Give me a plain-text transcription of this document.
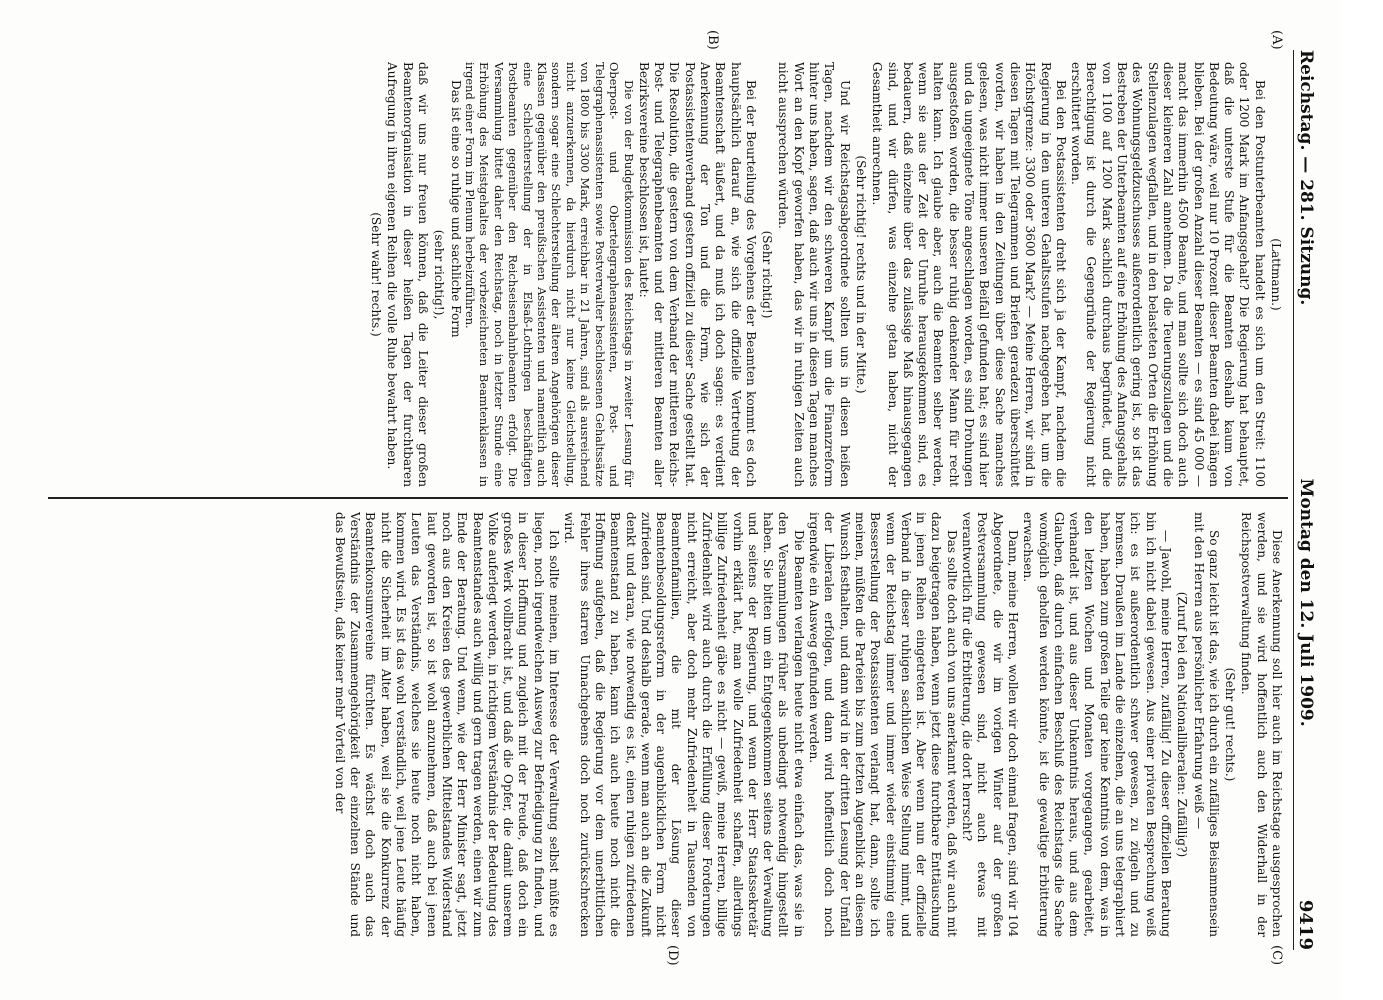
Reichstag. — 281. Sitzung.
Montag den 12. Juli 1909.
9419
(A)
(B)
(C)
(D)

(Lattmann.)

Bei den Postunterbeamten handelt es sich um den Streit: 1100 oder 1200 Mark im Anfangsgehalt? Die Regierung hat behauptet, daß die unterste Stufe für die Beamten deshalb kaum von Bedeutung wäre, weil nur 10 Prozent dieser Beamten dabei hängen blieben. Bei der großen Anzahl dieser Beamten — es sind 45 000 — macht das immerhin 4500 Beamte, und man sollte sich doch auch dieser kleineren Zahl annehmen. Da die Teuerungszulagen und die Stellenzulagen wegfallen, und in den belasteten Orten die Erhöhung des Wohnungsgeldzuschusses außerordentlich gering ist, so ist das Bestreben der Unterbeamten auf eine Erhöhung des Anfangsgehalts von 1100 auf 1200 Mark sachlich durchaus begründet, und die Berechtigung ist durch die Gegengründe der Regierung nicht erschüttert worden.

Bei den Postassistenten dreht sich ja der Kampf, nachdem die Regierung in den unteren Gehaltsstufen nachgegeben hat, um die Höchstgrenze: 3300 oder 3600 Mark? — Meine Herren, wir sind in diesen Tagen mit Telegrammen und Briefen geradezu überschüttet worden, wir haben in den Zeitungen über diese Sache manches gelesen, was nicht immer unseren Beifall gefunden hat; es sind hier und da ungeeignete Töne angeschlagen worden, es sind Drohungen ausgestoßen worden, die besser ruhig denkender Mann für recht halten kann. Ich glaube aber, auch die Beamten selber werden, wenn sie aus der Zeit der Unruhe herausgekommen sind, es bedauern, daß einzelne über das zulässige Maß hinausgegangen sind, und wir dürfen, was einzelne getan haben, nicht der Gesamtheit anrechnen.

(Sehr richtig! rechts und in der Mitte.)

Und wir Reichstagsabgeordnete sollten uns in diesen heißen Tagen, nachdem wir den schweren Kampf um die Finanzreform hinter uns haben, sagen, daß auch wir uns in diesen Tagen manches Wort an den Kopf geworfen haben, das wir in ruhigen Zeiten auch nicht aussprechen würden.

(Sehr richtig!)

Bei der Beurteilung des Vorgehens der Beamten kommt es doch hauptsächlich darauf an, wie sich die offizielle Vertretung der Beamtenschaft äußert, und da muß ich doch sagen: es verdient Anerkennung der Ton und die Form, wie sich der Postassistentenverband gestern offiziell zu dieser Sache gestellt hat. Die Resolution, die gestern von dem Verband der mittleren Reichs-Post- und Telegraphenbeamten und der mittleren Beamten aller Bezirksvereine beschlossen ist, lautet:

Die von der Budgetkommission des Reichstags in zweiter Lesung für Oberpost- und Obertelegraphenassistenten, Post- und Telegraphenassistenten sowie Postverwalter beschlossenen Gehaltssätze von 1800 bis 3300 Mark, erreichbar in 21 Jahren, sind als ausreichend nicht anzuerkennen, da hierdurch nicht nur keine Gleichstellung, sondern sogar eine Schlechterstellung der älteren Angehörigen dieser Klassen gegenüber den preußischen Assistenten und namentlich auch eine Schlechterstellung der in Elsaß-Lothringen beschäftigten Postbeamten gegenüber den Reichseisenbahnbeamten erfolgt. Die Versammlung bittet daher den Reichstag, noch in letzter Stunde eine Erhöhung des Meistgehaltes der vorbezeichneten Beamtenklassen in irgend einer Form im Plenum herbeizuführen.

Das ist eine so ruhige und sachliche Form

(sehr richtig!),

daß wir uns nur freuen können, daß die Leiter dieser großen Beamtenorganisation in dieser heißen Tagen der furchtbaren Aufregung in ihren eigenen Reihen die volle Ruhe bewahrt haben.

(Sehr wahr! rechts.)

Diese Anerkennung soll hier auch im Reichstage ausgesprochen werden, und sie wird hoffentlich auch den Widerhall in der Reichspostverwaltung finden.

(Sehr gut! rechts.)

So ganz leicht ist das, wie ich durch ein zufälliges Beisammensein mit den Herren aus persönlicher Erfahrung weiß —

(Zuruf bei den Nationalliberalen: Zufällig?)

— Jawohl, meine Herren, zufällig! Zu dieser offiziellen Beratung bin ich nicht dabei gewesen. Aus einer privaten Besprechung weiß ich: es ist außerordentlich schwer gewesen, zu zügeln und zu bremsen. Draußen im Lande die einzelnen, die an uns telegraphiert haben, haben zum großen Teile gar keine Kenntnis von dem, was in den letzten Wochen und Monaten vorgegangen, gearbeitet, verhandelt ist, und aus dieser Unkenntnis heraus, und aus dem Glauben, daß durch einfachen Beschluß des Reichstags die Sache womöglich geholfen werden könnte, ist die gewaltige Erbitterung erwachsen.

Dann, meine Herren, wollen wir doch einmal fragen, sind wir 104 Abgeordnete, die wir im vorigen Winter auf der großen Postversammlung gewesen sind, nicht auch etwas mit verantwortlich für die Erbitterung, die dort herrscht?

Das sollte doch auch von uns anerkannt werden, daß wir auch mit dazu beigetragen haben, wenn jetzt diese furchtbare Enttäuschung in jenen Reihen eingetreten ist. Aber wenn nun der offizielle Verband in dieser ruhigen sachlichen Weise Stellung nimmt, und wenn der Reichstag immer und immer wieder einstimmig eine Besserstellung der Postassistenten verlangt hat, dann, sollte ich meinen, müßten die Parteien bis zum letzten Augenblick an diesem Wunsch festhalten, und dann wird in der dritten Lesung der Umfall der Liberalen erfolgen, und dann wird hoffentlich doch noch irgendwie ein Ausweg gefunden werden.

Die Beamten verlangen heute nicht etwa einfach das, was sie in den Versammlungen früher als unbedingt notwendig hingestellt haben. Sie bitten um ein Entgegenkommen seitens der Verwaltung und seitens der Regierung, und wenn der Herr Staatssekretär vorhin erklärt hat, man wolle Zufriedenheit schaffen, allerdings billige Zufriedenheit gäbe es nicht — gewiß, meine Herren, billige Zufriedenheit wird auch durch die Erfüllung dieser Forderungen nicht erreicht, aber doch mehr Zufriedenheit in Tausenden von Beamtenfamilien, die mit der Lösung dieser Beamtenbesoldungsreform in der augenblicklichen Form nicht zufrieden sind. Und deshalb gerade, wenn man auch an die Zukunft denkt und daran, wie notwendig es ist, einen ruhigen zufriedenen Beamtenstand zu haben, kann ich auch heute noch nicht die Hoffnung aufgeben, daß die Regierung vor dem unerbittlichen Fehler ihres starren Unnachgebens doch noch zurückschrecken wird.

Ich sollte meinen, im Interesse der Verwaltung selbst müßte es liegen, noch irgendwelchen Ausweg zur Befriedigung zu finden, und in dieser Hoffnung und zugleich mit der Freude, daß doch ein großes Werk vollbracht ist, und daß die Opfer, die damit unserem Volke auferlegt werden, in richtigem Verständnis der Bedeutung des Beamtenstandes auch willig und gern tragen werden, einen wir zum Ende der Beratung. Und wenn, wie der Herr Minister sagt, jetzt noch aus den Kreisen des gewerblichen Mittelstandes Widerstand laut geworden ist, so ist wohl anzunehmen, daß auch bei jenen Leuten das Verständnis, welches sie heute noch nicht haben, kommen wird. Es ist das wohl verständlich, weil jene Leute häufig nicht die Sicherheit im Alter haben, weil sie die Konkurrenz der Beamtenkonsumvereine fürchten. Es wächst doch auch das Verständnis der Zusammengehörigkeit der einzelnen Stände und das Bewußtsein, daß keiner mehr Vorteil von der
